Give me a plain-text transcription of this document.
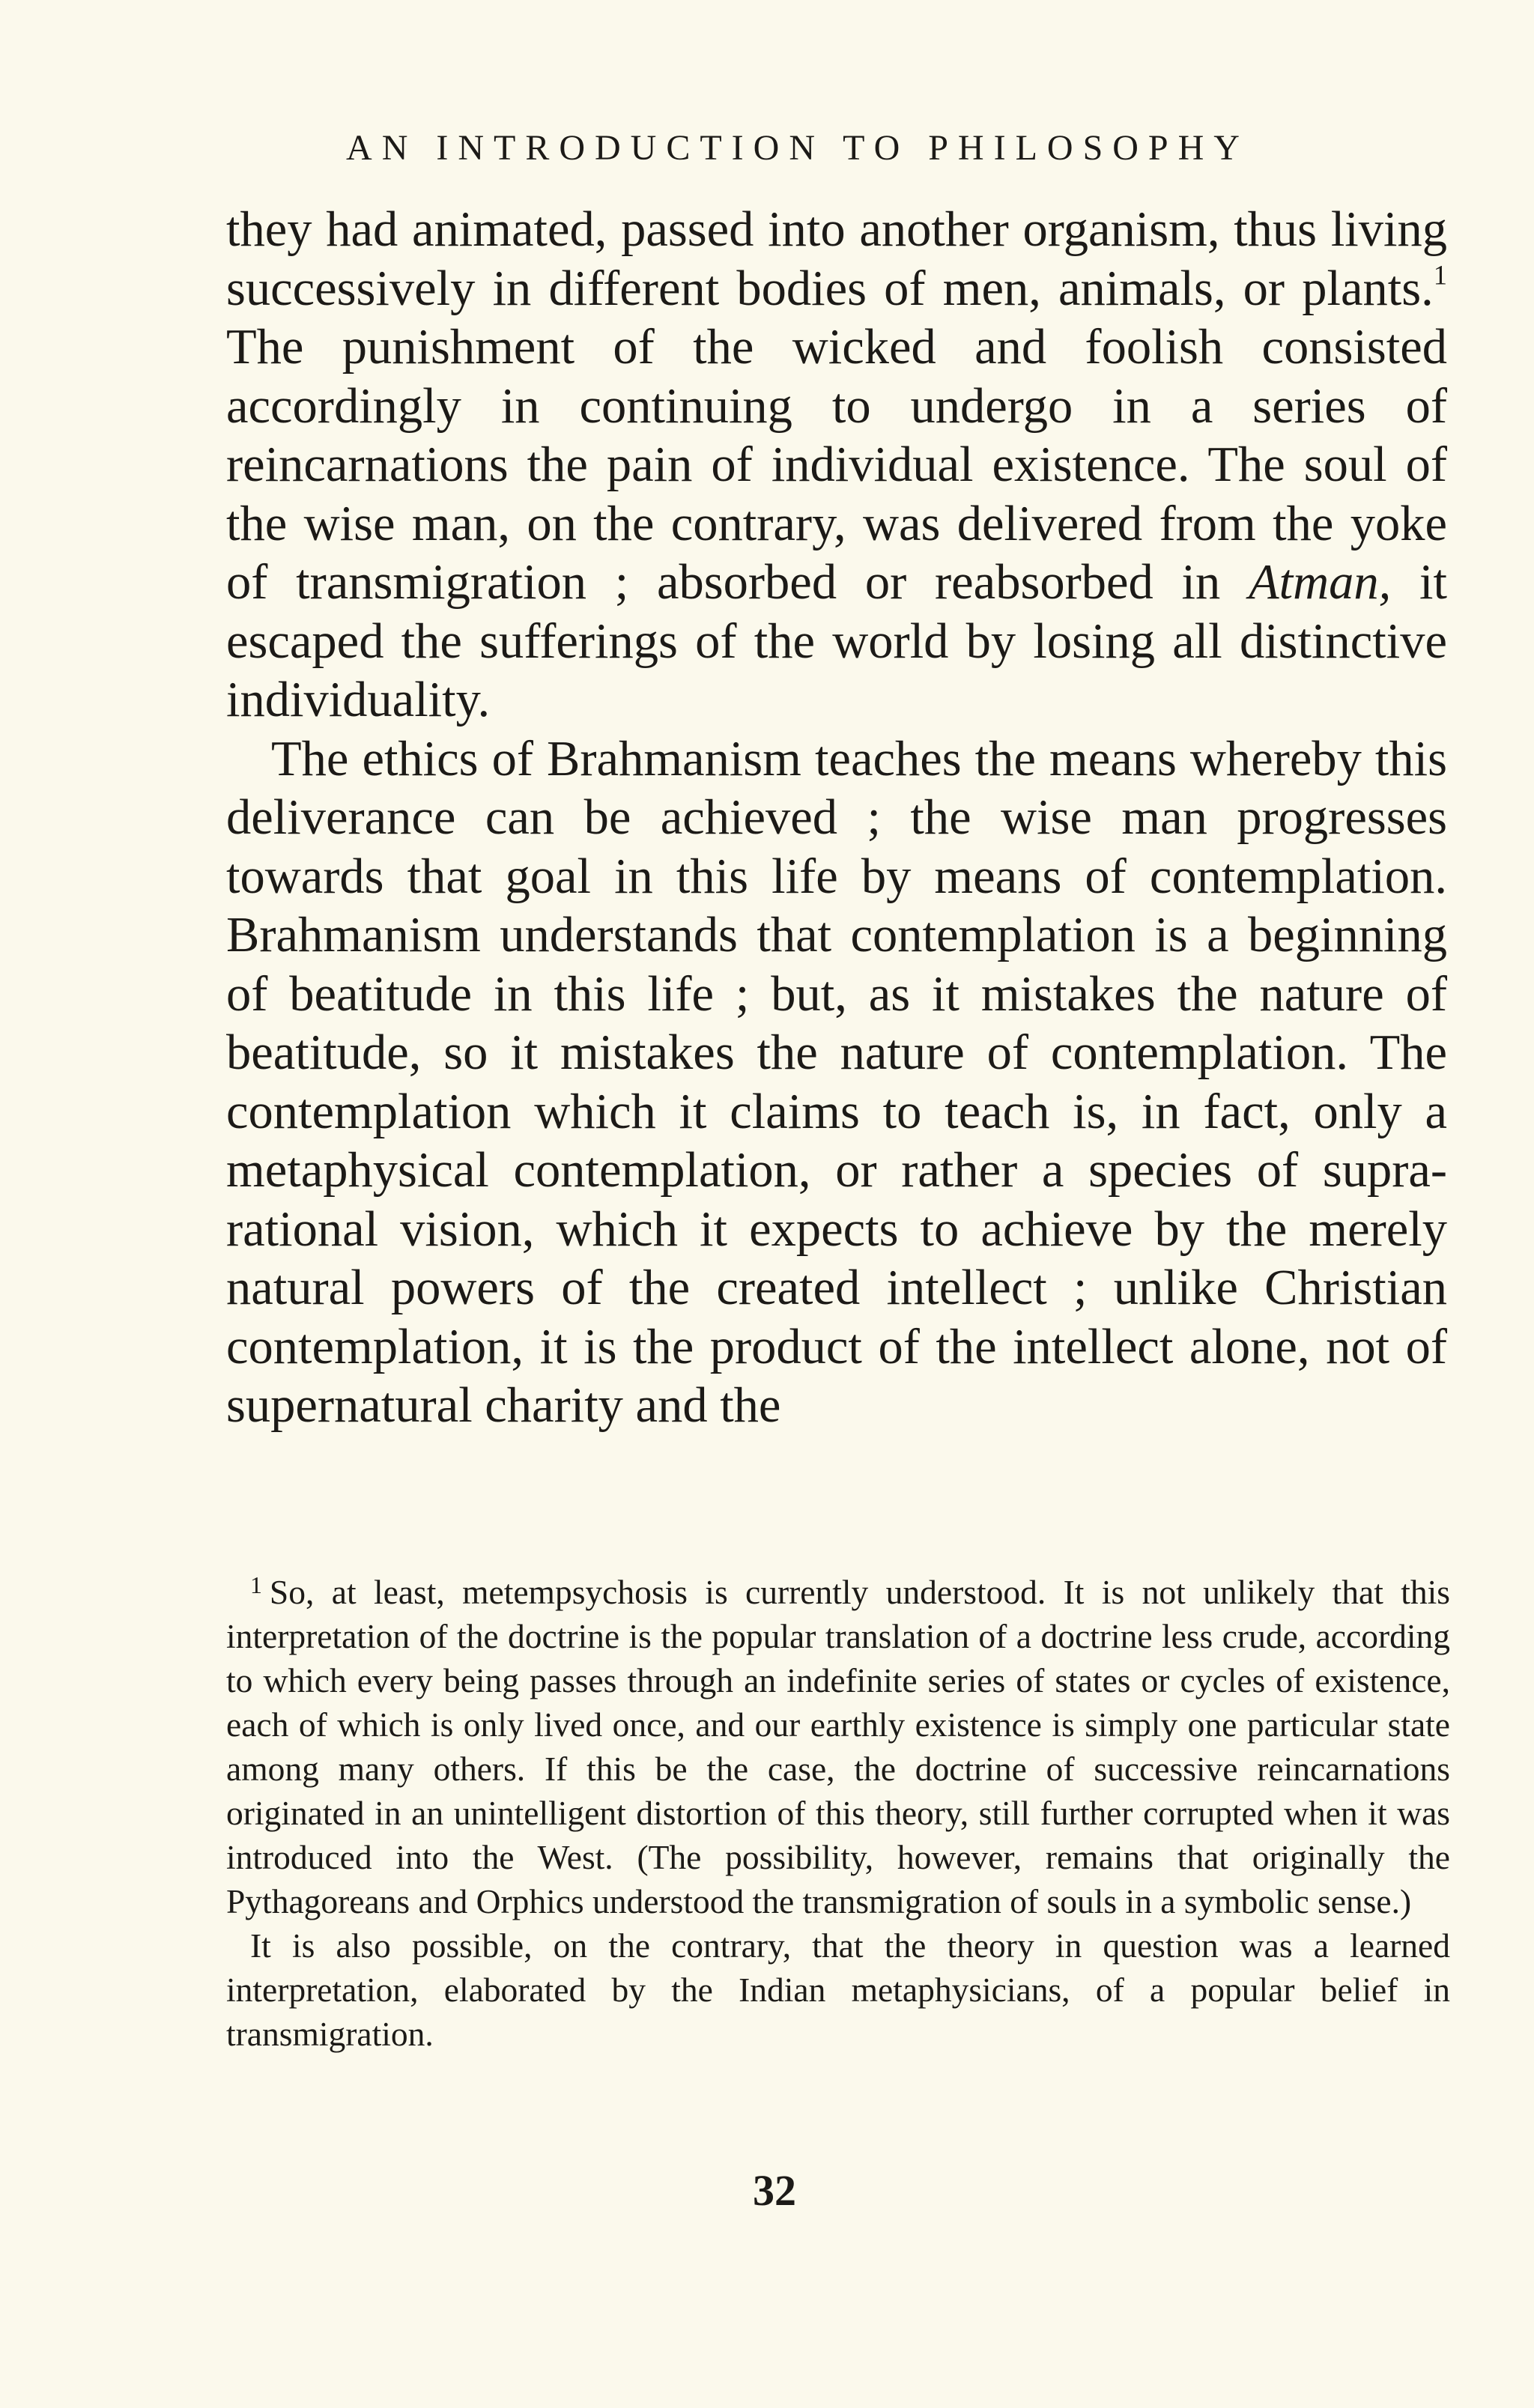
AN INTRODUCTION TO PHILOSOPHY

they had animated, passed into another organism, thus living successively in different bodies of men, animals, or plants.$^1$ The punishment of the wicked and foolish consisted accordingly in continuing to undergo in a series of reincarnations the pain of individual existence. The soul of the wise man, on the contrary, was delivered from the yoke of transmigration ; absorbed or reabsorbed in Atman, it escaped the sufferings of the world by losing all distinctive individuality.

The ethics of Brahmanism teaches the means whereby this deliverance can be achieved ; the wise man progresses towards that goal in this life by means of contemplation. Brahmanism understands that contemplation is a beginning of beatitude in this life ; but, as it mistakes the nature of beatitude, so it mistakes the nature of contemplation. The contemplation which it claims to teach is, in fact, only a metaphysical contemplation, or rather a species of supra-rational vision, which it expects to achieve by the merely natural powers of the created intellect ; unlike Christian contemplation, it is the product of the intellect alone, not of supernatural charity and the

$^1$ So, at least, metempsychosis is currently understood. It is not unlikely that this interpretation of the doctrine is the popular translation of a doctrine less crude, according to which every being passes through an indefinite series of states or cycles of existence, each of which is only lived once, and our earthly existence is simply one particular state among many others. If this be the case, the doctrine of successive reincarnations originated in an unintelligent distortion of this theory, still further corrupted when it was introduced into the West. (The possibility, however, remains that originally the Pythagoreans and Orphics understood the transmigration of souls in a symbolic sense.)

It is also possible, on the contrary, that the theory in question was a learned interpretation, elaborated by the Indian metaphysicians, of a popular belief in transmigration.

32
